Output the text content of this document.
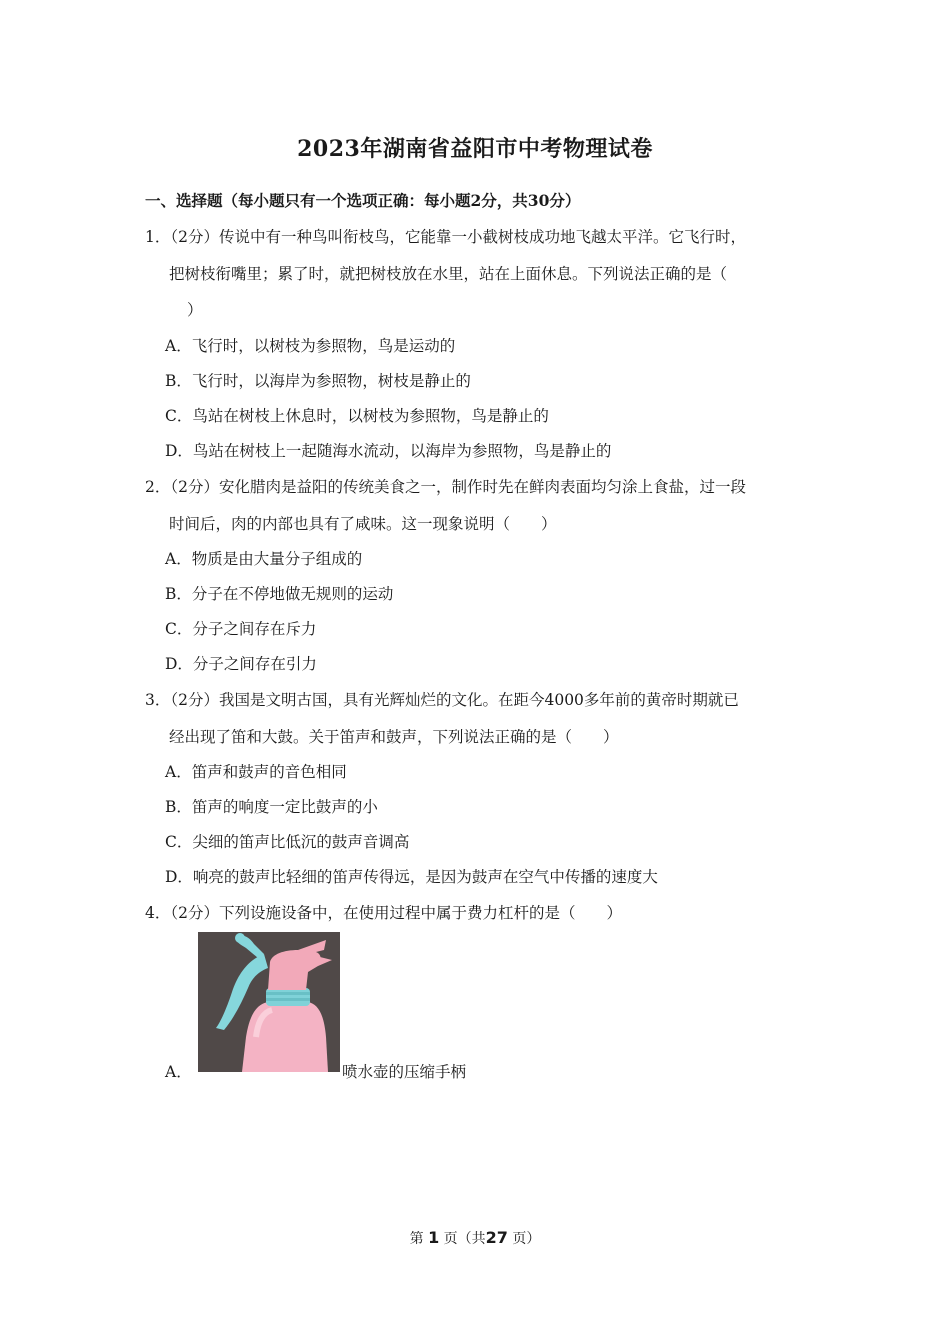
2023年湖南省益阳市中考物理试卷
一、选择题（每小题只有一个选项正确：每小题2分，共30分）
1．（2分）传说中有一种鸟叫衔枝鸟，它能靠一小截树枝成功地飞越太平洋。它飞行时，
把树枝衔嘴里；累了时，就把树枝放在水里，站在上面休息。下列说法正确的是（
）
A．飞行时，以树枝为参照物，鸟是运动的
B．飞行时，以海岸为参照物，树枝是静止的
C．鸟站在树枝上休息时，以树枝为参照物，鸟是静止的
D．鸟站在树枝上一起随海水流动，以海岸为参照物，鸟是静止的
2．（2分）安化腊肉是益阳的传统美食之一，制作时先在鲜肉表面均匀涂上食盐，过一段
时间后，肉的内部也具有了咸味。这一现象说明（　　）
A．物质是由大量分子组成的
B．分子在不停地做无规则的运动
C．分子之间存在斥力
D．分子之间存在引力
3．（2分）我国是文明古国，具有光辉灿烂的文化。在距今4000多年前的黄帝时期就已
经出现了笛和大鼓。关于笛声和鼓声，下列说法正确的是（　　）
A．笛声和鼓声的音色相同
B．笛声的响度一定比鼓声的小
C．尖细的笛声比低沉的鼓声音调高
D．响亮的鼓声比轻细的笛声传得远，是因为鼓声在空气中传播的速度大
4．（2分）下列设施设备中，在使用过程中属于费力杠杆的是（　　）
A．	喷水壶的压缩手柄
第 1 页（共27 页）
